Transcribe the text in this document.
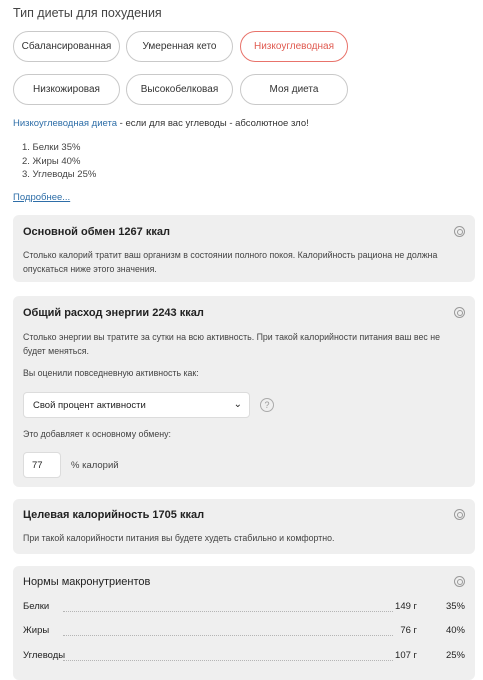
Тип диеты для похудения
Сбалансированная	Умеренная кето	Низкоуглеводная
Низкожировая	Высокобелковая	Моя диета
Низкоуглеводная диета - если для вас углеводы - абсолютное зло!
1. Белки 35%
2. Жиры 40%
3. Углеводы 25%
Подробнее...
Основной обмен 1267 ккал
Столько калорий тратит ваш организм в состоянии полного покоя. Калорийность рациона не должна опускаться ниже этого значения.
Общий расход энергии 2243 ккал
Столько энергии вы тратите за сутки на всю активность. При такой калорийности питания ваш вес не будет меняться.
Вы оценили повседневную активность как:
Свой процент активности	⌄	?
Это добавляет к основному обмену:
77	% калорий
Целевая калорийность 1705 ккал
При такой калорийности питания вы будете худеть стабильно и комфортно.
Нормы макронутриентов
Белки	149 г	35%
Жиры	76 г	40%
Углеводы	107 г	25%
